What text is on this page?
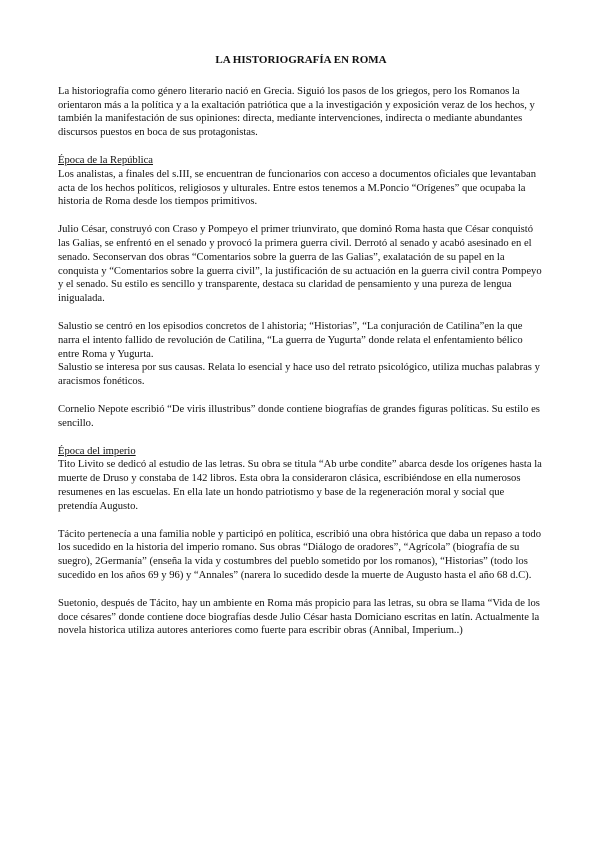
LA HISTORIOGRAFÍA EN ROMA

La historiografía como género literario nació en Grecia. Siguió los pasos de los griegos, pero los Romanos la orientaron más a la política y a la exaltación patriótica que a la investigación y exposición veraz de los hechos, y también la manifestación de sus opiniones: directa, mediante intervenciones, indirecta o mediante abundantes discursos puestos en boca de sus protagonistas.

Época de la República
Los analistas, a finales del s.III, se encuentran de funcionarios con acceso a documentos oficiales que levantaban acta de los hechos políticos, religiosos y ulturales. Entre estos tenemos a M.Poncio “Orígenes” que ocupaba la historia de Roma desde los tiempos primitivos.

Julio César, construyó con Craso y Pompeyo el primer triunvirato, que dominó Roma hasta que César conquistó las Galias, se enfrentó en el senado y provocó la primera guerra civil. Derrotó al senado y acabó asesinado en el senado. Seconservan dos obras “Comentarios sobre la guerra de las Galias”, exalatación de su papel en la conquista y “Comentarios sobre la guerra civil”, la justificación de su actuación en la guerra civil contra Pompeyo y el senado. Su estilo es sencillo y transparente, destaca su claridad de pensamiento y una pureza de lengua inigualada.

Salustio se centró en los episodios concretos de l ahistoria; “Historias”, “La conjuración de Catilina”en la que narra el intento fallido de revolución de Catilina, “La guerra de Yugurta” donde relata el enfentamiento bélico entre Roma y Yugurta.
Salustio se interesa por sus causas. Relata lo esencial y hace uso del retrato psicológico, utiliza muchas palabras y aracismos fonéticos.

Cornelio Nepote escribió “De viris illustribus” donde contiene biografías de grandes figuras políticas. Su estilo es sencillo.

Época del imperio
Tito Livito se dedicó al estudio de las letras. Su obra se titula “Ab urbe condite” abarca desde los orígenes hasta la muerte de Druso y constaba de 142 libros. Esta obra la consideraron clásica, escribiéndose en ella numerosos resumenes en las escuelas. En ella late un hondo patriotismo y base de la regeneración moral y social que pretendía Augusto.

Tácito pertenecía a una familia noble y participó en política, escribió una obra histórica que daba un repaso a todo los sucedido en la historia del imperio romano. Sus obras “Diálogo de oradores”, “Agrícola” (biografía de su suegro), 2Germanía” (enseña la vida y costumbres del pueblo sometido por los romanos), “Historias” (todo los sucedido en los años 69 y 96) y “Annales” (narera lo sucedido desde la muerte de Augusto hasta el año 68 d.C).

Suetonio, después de Tácito, hay un ambiente en Roma más propicio para las letras, su obra se llama “Vida de los doce césares” donde contiene doce biografías desde Julio César hasta Domiciano escritas en latín. Actualmente la novela historica utiliza autores anteriores como fuerte para escribir obras (Annibal, Imperium..)
